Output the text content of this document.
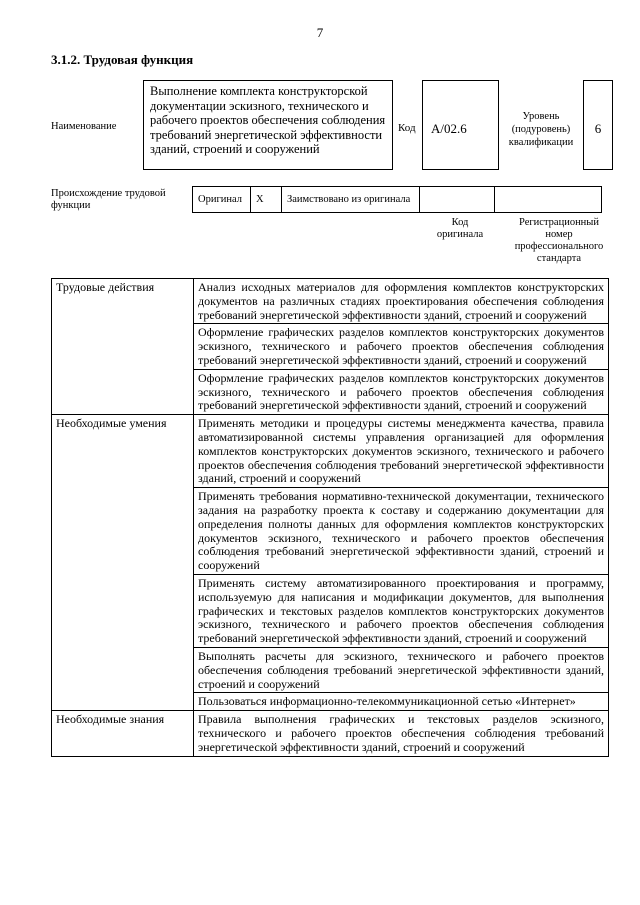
7
3.1.2. Трудовая функция
Наименование
Выполнение комплекта конструкторской документации эскизного, технического и рабочего проектов обеспечения соблюдения требований энергетической эффективности зданий, строений и сооружений
Код	А/02.6
Уровень (подуровень) квалификации
6
Происхождение трудовой функции
Оригинал	X	Заимствовано из оригинала		
Код оригинала
Регистрационный номер профессионального стандарта
Трудовые действия	Анализ исходных материалов для оформления комплектов конструкторских документов на различных стадиях проектирования обеспечения соблюдения требований энергетической эффективности зданий, строений и сооружений
	Оформление графических разделов комплектов конструкторских документов эскизного, технического и рабочего проектов обеспечения соблюдения требований энергетической эффективности зданий, строений и сооружений
	Оформление графических разделов комплектов конструкторских документов эскизного, технического и рабочего проектов обеспечения соблюдения требований энергетической эффективности зданий, строений и сооружений
Необходимые умения	Применять методики и процедуры системы менеджмента качества, правила автоматизированной системы управления организацией для оформления комплектов конструкторских документов эскизного, технического и рабочего проектов обеспечения соблюдения требований энергетической эффективности зданий, строений и сооружений
	Применять требования нормативно-технической документации, технического задания на разработку проекта к составу и содержанию документации для определения полноты данных для оформления комплектов конструкторских документов эскизного, технического и рабочего проектов обеспечения соблюдения требований энергетической эффективности зданий, строений и сооружений
	Применять систему автоматизированного проектирования и программу, используемую для написания и модификации документов, для выполнения графических и текстовых разделов комплектов конструкторских документов эскизного, технического и рабочего проектов обеспечения соблюдения требований энергетической эффективности зданий, строений и сооружений
	Выполнять расчеты для эскизного, технического и рабочего проектов обеспечения соблюдения требований энергетической эффективности зданий, строений и сооружений
	Пользоваться информационно-телекоммуникационной сетью «Интернет»
Необходимые знания	Правила выполнения графических и текстовых разделов эскизного, технического и рабочего проектов обеспечения соблюдения требований энергетической эффективности зданий, строений и сооружений
